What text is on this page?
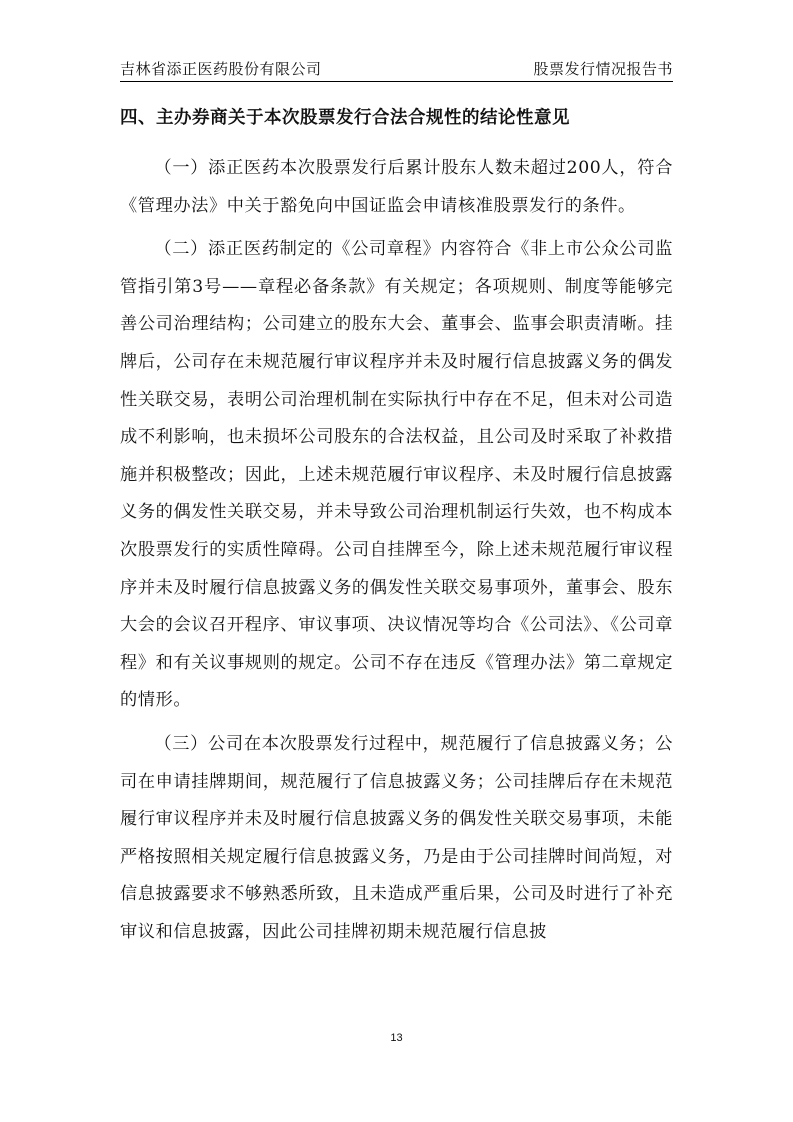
吉林省添正医药股份有限公司	股票发行情况报告书
四、主办券商关于本次股票发行合法合规性的结论性意见

（一）添正医药本次股票发行后累计股东人数未超过200人，符合《管理办法》中关于豁免向中国证监会申请核准股票发行的条件。

（二）添正医药制定的《公司章程》内容符合《非上市公众公司监管指引第3号——章程必备条款》有关规定；各项规则、制度等能够完善公司治理结构；公司建立的股东大会、董事会、监事会职责清晰。挂牌后，公司存在未规范履行审议程序并未及时履行信息披露义务的偶发性关联交易，表明公司治理机制在实际执行中存在不足，但未对公司造成不利影响，也未损坏公司股东的合法权益，且公司及时采取了补救措施并积极整改；因此，上述未规范履行审议程序、未及时履行信息披露义务的偶发性关联交易，并未导致公司治理机制运行失效，也不构成本次股票发行的实质性障碍。公司自挂牌至今，除上述未规范履行审议程序并未及时履行信息披露义务的偶发性关联交易事项外，董事会、股东大会的会议召开程序、审议事项、决议情况等均合《公司法》、《公司章程》和有关议事规则的规定。公司不存在违反《管理办法》第二章规定的情形。

（三）公司在本次股票发行过程中，规范履行了信息披露义务；公司在申请挂牌期间，规范履行了信息披露义务；公司挂牌后存在未规范履行审议程序并未及时履行信息披露义务的偶发性关联交易事项，未能严格按照相关规定履行信息披露义务，乃是由于公司挂牌时间尚短，对信息披露要求不够熟悉所致，且未造成严重后果，公司及时进行了补充审议和信息披露，因此公司挂牌初期未规范履行信息披

13
